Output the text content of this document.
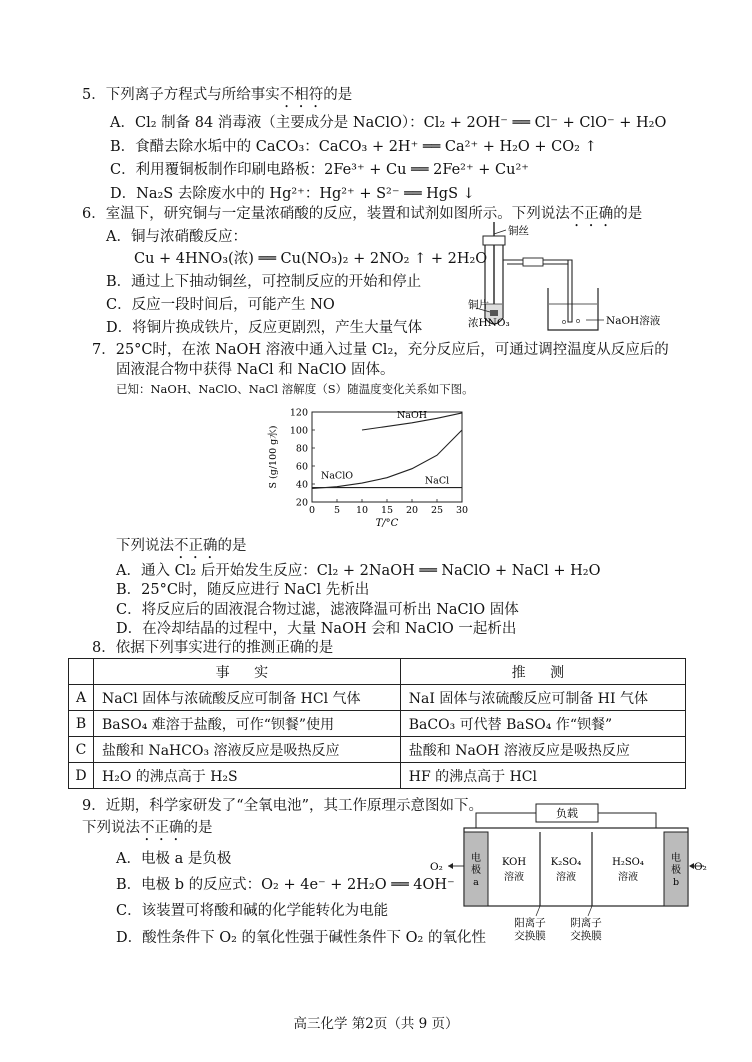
5．下列离子方程式与所给事实不相符的是
A．Cl₂ 制备 84 消毒液（主要成分是 NaClO）：Cl₂ + 2OH⁻ ══ Cl⁻ + ClO⁻ + H₂O
B．食醋去除水垢中的 CaCO₃：CaCO₃ + 2H⁺ ══ Ca²⁺ + H₂O + CO₂ ↑
C．利用覆铜板制作印刷电路板：2Fe³⁺ + Cu ══ 2Fe²⁺ + Cu²⁺
D．Na₂S 去除废水中的 Hg²⁺：Hg²⁺ + S²⁻ ══ HgS ↓
6．室温下，研究铜与一定量浓硝酸的反应，装置和试剂如图所示。下列说法不正确的是
A．铜与浓硝酸反应：
Cu + 4HNO₃(浓) ══ Cu(NO₃)₂ + 2NO₂ ↑ + 2H₂O
B．通过上下抽动铜丝，可控制反应的开始和停止
C．反应一段时间后，可能产生 NO
D．将铜片换成铁片，反应更剧烈，产生大量气体
铜丝
铜片
浓HNO₃	NaOH溶液
7．25°C时，在浓 NaOH 溶液中通入过量 Cl₂，充分反应后，可通过调控温度从反应后的
固液混合物中获得 NaCl 和 NaClO 固体。
已知：NaOH、NaClO、NaCl 溶解度（S）随温度变化关系如下图。
0 5 10 15 20 25 30
20
40
60
80
100
120
T/°C
S (g/100 g水)
NaOH
NaClO	NaCl
下列说法不正确的是
A．通入 Cl₂ 后开始发生反应：Cl₂ + 2NaOH ══ NaClO + NaCl + H₂O
B．25°C时，随反应进行 NaCl 先析出
C．将反应后的固液混合物过滤，滤液降温可析出 NaClO 固体
D．在冷却结晶的过程中，大量 NaOH 会和 NaClO 一起析出
8．依据下列事实进行的推测正确的是
	事 实	推 测
A	NaCl 固体与浓硫酸反应可制备 HCl 气体	NaI 固体与浓硫酸反应可制备 HI 气体
B	BaSO₄ 难溶于盐酸，可作“钡餐”使用	BaCO₃ 可代替 BaSO₄ 作“钡餐”
C	盐酸和 NaHCO₃ 溶液反应是吸热反应	盐酸和 NaOH 溶液反应是吸热反应
D	H₂O 的沸点高于 H₂S	HF 的沸点高于 HCl
9．近期，科学家研发了“全氧电池”，其工作原理示意图如下。
下列说法不正确的是
A．电极 a 是负极
B．电极 b 的反应式：O₂ + 4e⁻ + 2H₂O ══ 4OH⁻
C．该装置可将酸和碱的化学能转化为电能
D．酸性条件下 O₂ 的氧化性强于碱性条件下 O₂ 的氧化性
负载
电
极
a
电
极
b
KOH
溶液
K₂SO₄
溶液
H₂SO₄
溶液
O₂	O₂
阳离子
交换膜
阴离子
交换膜
高三化学 第2页（共 9 页）
